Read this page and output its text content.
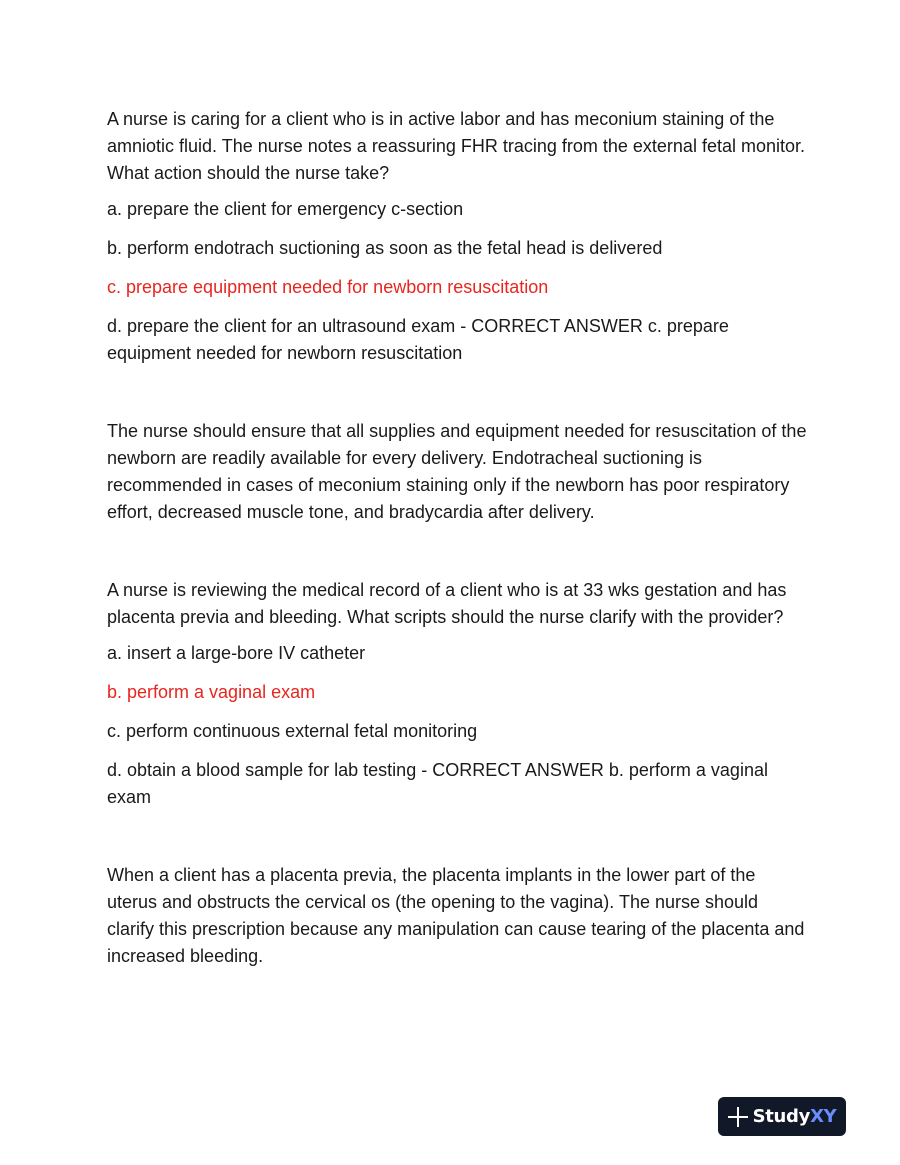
A nurse is caring for a client who is in active labor and has meconium staining of the amniotic fluid. The nurse notes a reassuring FHR tracing from the external fetal monitor. What action should the nurse take?

a. prepare the client for emergency c-section

b. perform endotrach suctioning as soon as the fetal head is delivered

c. prepare equipment needed for newborn resuscitation

d. prepare the client for an ultrasound exam - CORRECT ANSWER c. prepare equipment needed for newborn resuscitation

The nurse should ensure that all supplies and equipment needed for resuscitation of the newborn are readily available for every delivery. Endotracheal suctioning is recommended in cases of meconium staining only if the newborn has poor respiratory effort, decreased muscle tone, and bradycardia after delivery.

A nurse is reviewing the medical record of a client who is at 33 wks gestation and has placenta previa and bleeding. What scripts should the nurse clarify with the provider?

a. insert a large-bore IV catheter

b. perform a vaginal exam

c. perform continuous external fetal monitoring

d. obtain a blood sample for lab testing - CORRECT ANSWER b. perform a vaginal exam

When a client has a placenta previa, the placenta implants in the lower part of the uterus and obstructs the cervical os (the opening to the vagina). The nurse should clarify this prescription because any manipulation can cause tearing of the placenta and increased bleeding.

StudyXY
